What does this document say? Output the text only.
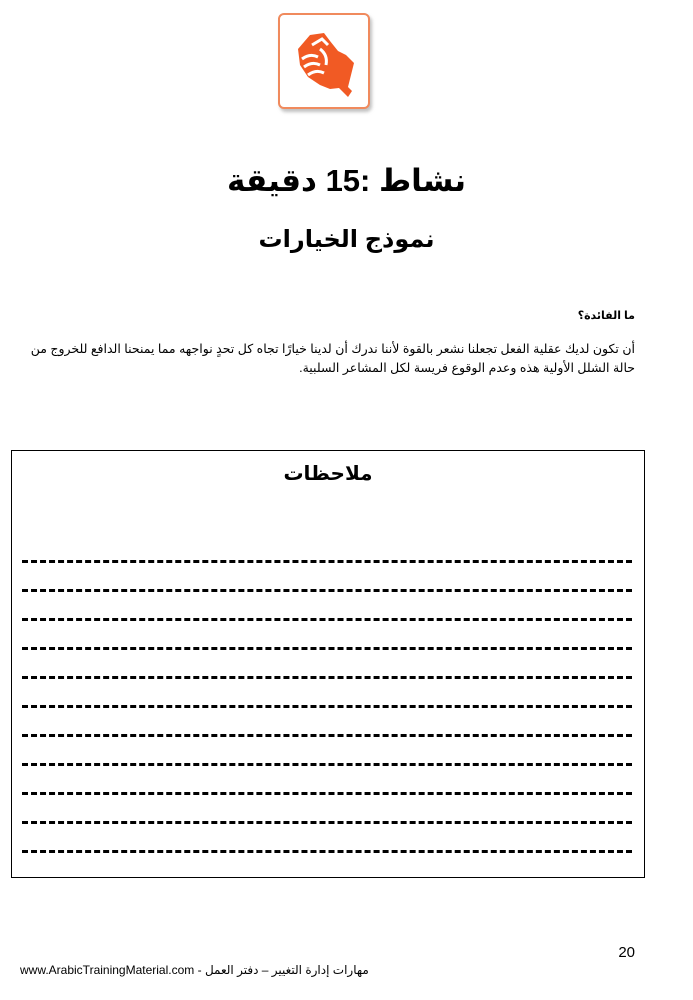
نشاط :15 دقيقة
نموذج الخيارات
ما الفائدة؟
أن تكون لديك عقلية الفعل تجعلنا نشعر بالقوة لأننا ندرك أن لدينا خيارًا تجاه كل تحدٍ نواجهه مما يمنحنا الدافع للخروج من حالة الشلل الأولية هذه وعدم الوقوع فريسة لكل المشاعر السلبية.
ملاحظات
20
www.ArabicTrainingMaterial.com - مهارات إدارة التغيير – دفتر العمل
